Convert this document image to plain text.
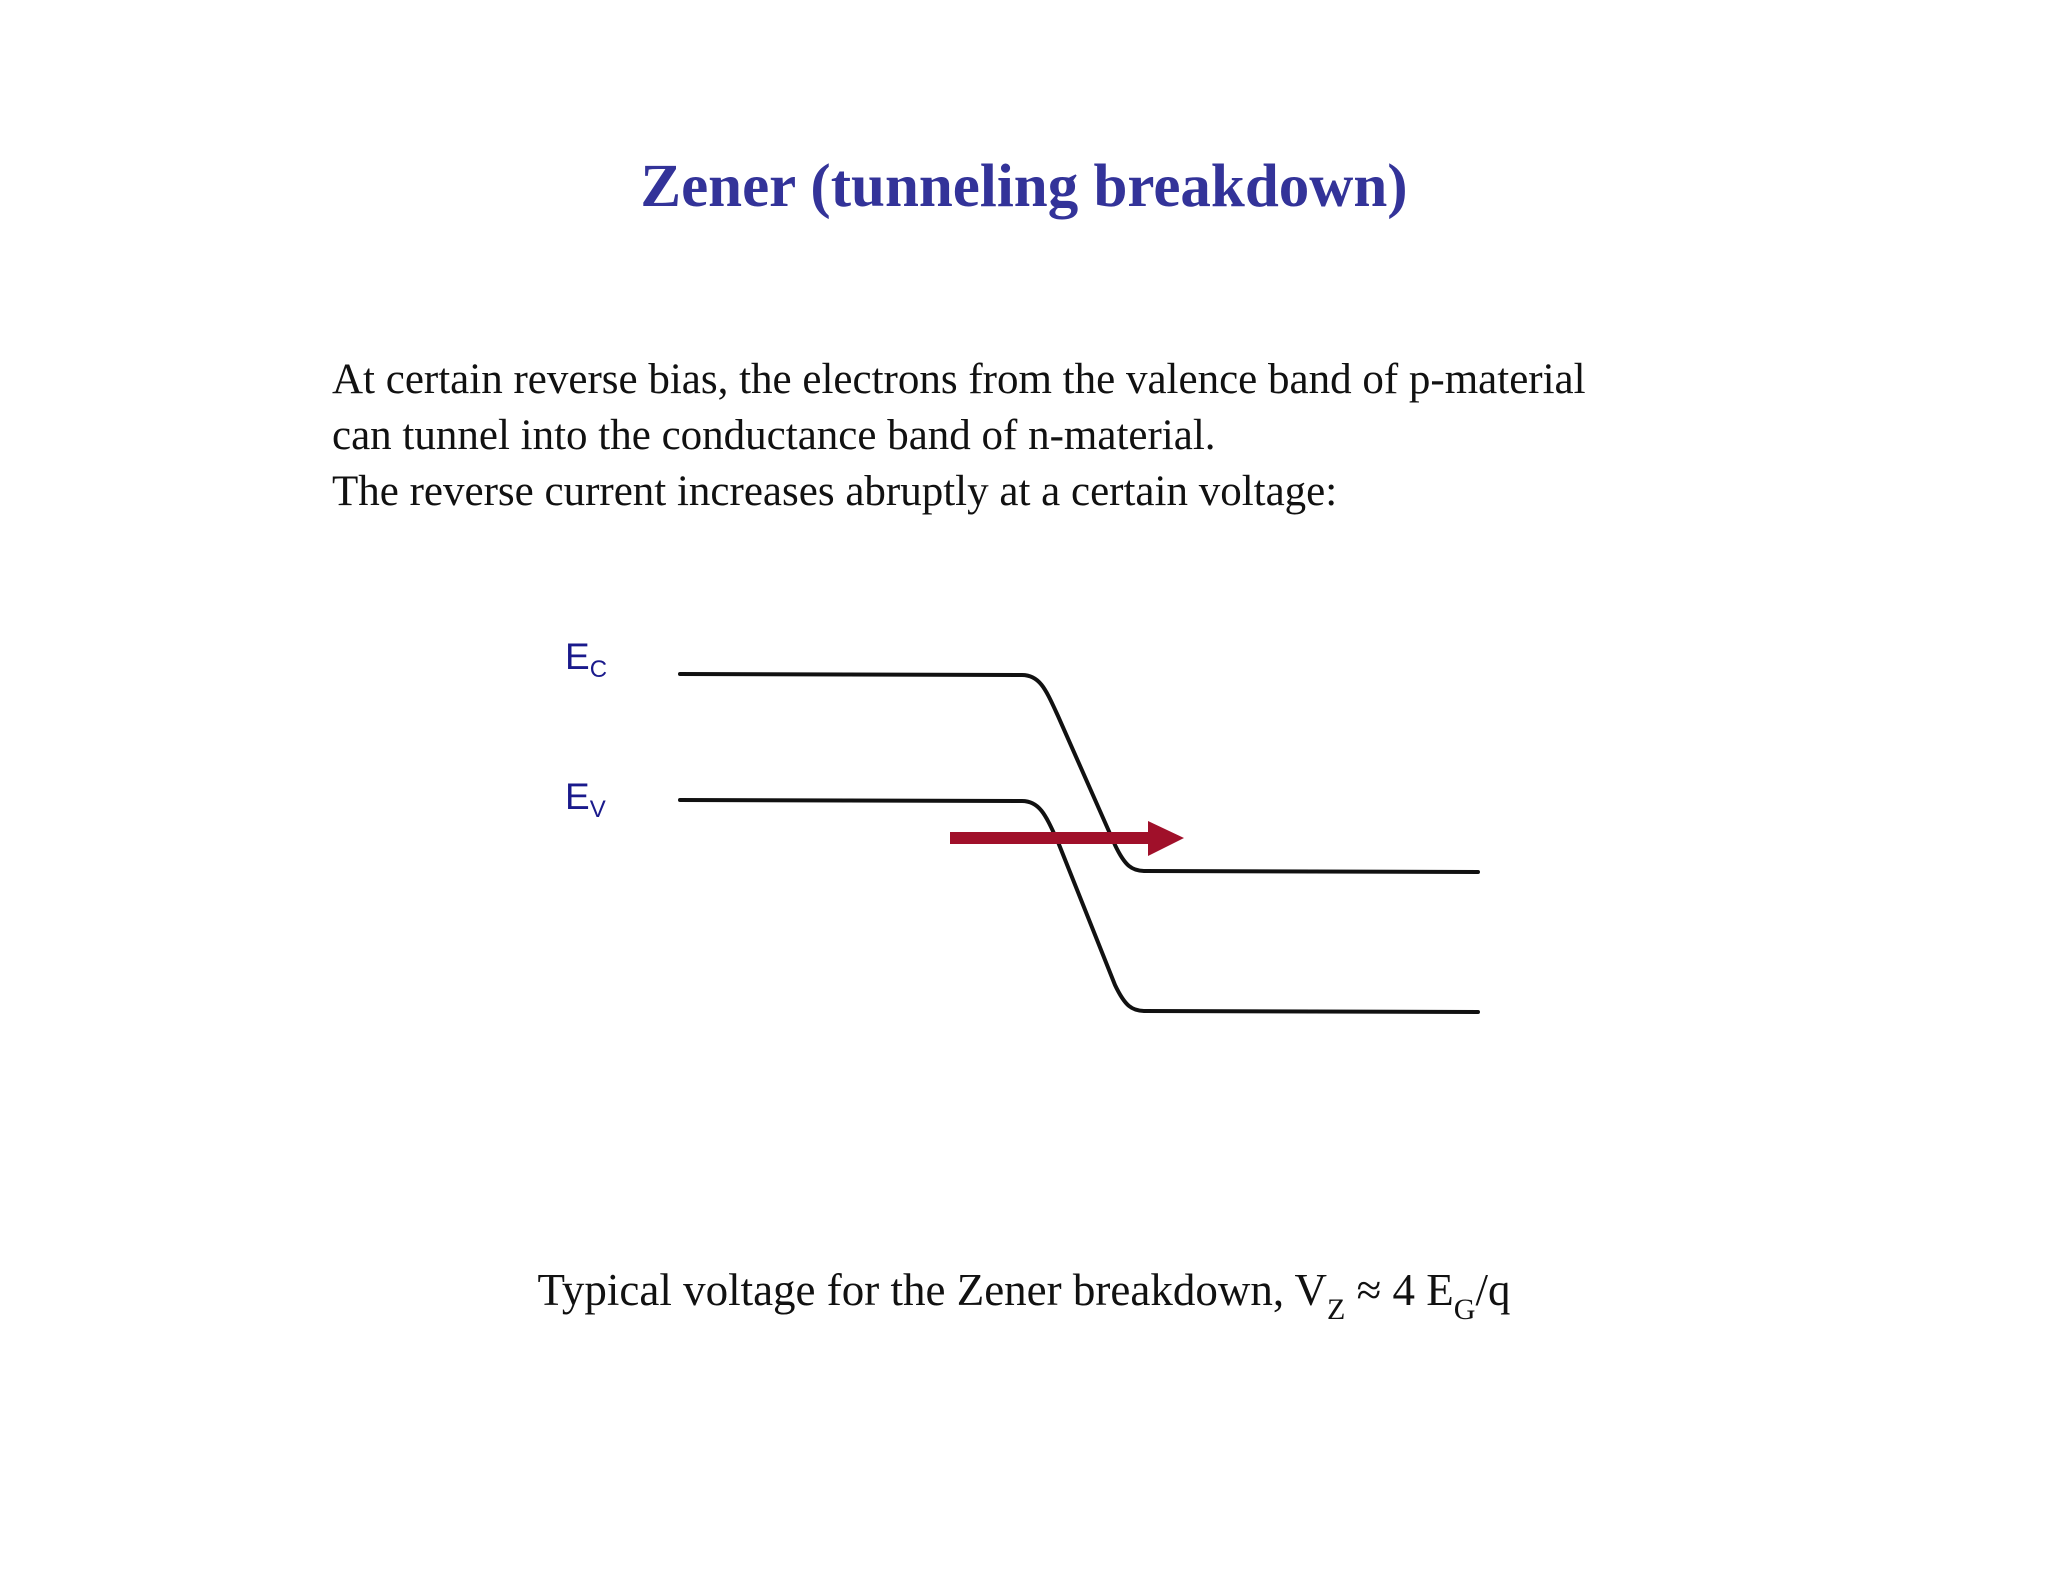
Zener (tunneling breakdown)
At certain reverse bias, the electrons from the valence band of p-material
can tunnel into the conductance band of n-material.
The reverse current increases abruptly at a certain voltage:
$E_C$
$E_V$
Typical voltage for the Zener breakdown, $V_Z \approx 4$ $E_G/q$
